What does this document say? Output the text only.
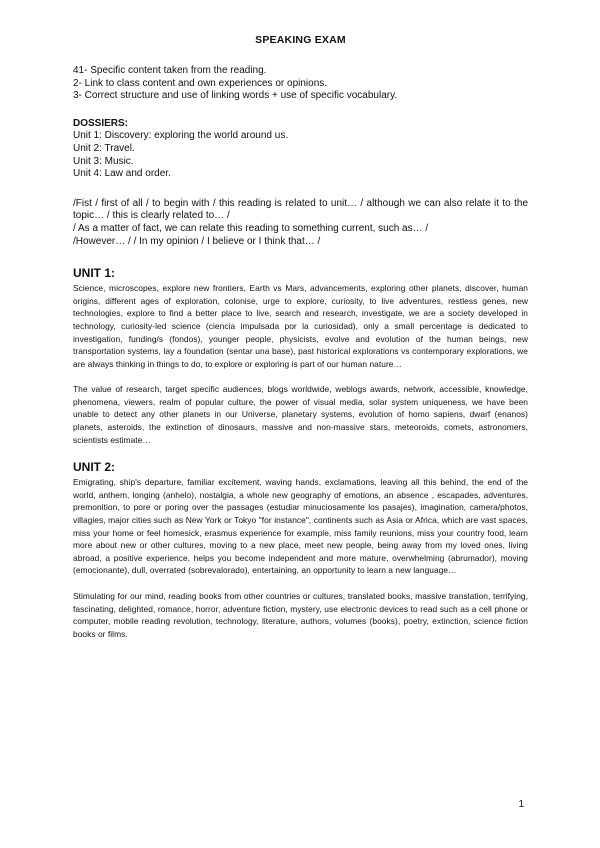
SPEAKING EXAM
41- Specific content taken from the reading.
2- Link to class content and own experiences or opinions.
3- Correct structure and use of linking words + use of specific vocabulary.
DOSSIERS:
Unit 1: Discovery: exploring the world around us.
Unit 2: Travel.
Unit 3: Music.
Unit 4: Law and order.

/Fist / first of all / to begin with / this reading is related to unit… / although we can also relate it to the topic… / this is clearly related to… /

/ As a matter of fact, we can relate this reading to something current, such as… /

/However… / / In my opinion / I believe or I think that… /

UNIT 1:

Science, microscopes, explore new frontiers, Earth vs Mars, advancements, exploring other planets, discover, human origins, different ages of exploration, colonise, urge to explore, curiosity, to live adventures, restless genes, new technologies, explore to find a better place to live, search and research, investigate, we are a society developed in technology, curiosity-led science (ciencia impulsada por la curiosidad), only a small percentage is dedicated to investigation, funding/s (fondos), younger people, physicists, evolve and evolution of the human beings, new transportation systems, lay a foundation (sentar una base), past historical explorations vs contemporary explorations, we are always thinking in things to do, to explore or exploring is part of our human nature…

The value of research, target specific audiences, blogs worldwide, weblogs awards, network, accessible, knowledge, phenomena, viewers, realm of popular culture, the power of visual media, solar system uniqueness, we have been unable to detect any other planets in our Universe, planetary systems, evolution of homo sapiens, dwarf (enanos) planets, asteroids, the extinction of dinosaurs, massive and non-massive stars, meteoroids, comets, astronomers, scientists estimate…

UNIT 2:

Emigrating, ship's departure, familiar excitement, waving hands, exclamations, leaving all this behind, the end of the world, anthem, longing (anhelo), nostalgia, a whole new geography of emotions, an absence , escapades, adventures, premonition, to pore or poring over the passages (estudiar minuciosamente los pasajes), imagination, camera/photos, villagies, major cities such as New York or Tokyo "for instance", continents such as Asia or Africa, which are vast spaces, miss your home or feel homesick, erasmus experience for example, miss family reunions, miss your country food, learn more about new or other cultures, moving to a new place, meet new people, being away from my loved ones, living abroad, a positive experience, helps you become independent and more mature, overwhelming (abrumador), moving (emocionante), dull, overrated (sobrevalorado), entertaining, an opportunity to learn a new language…

Stimulating for our mind, reading books from other countries or cultures, translated books, massive translation, terrifying, fascinating, delighted, romance, horror, adventure fiction, mystery, use electronic devices to read such as a cell phone or computer, mobile reading revolution, technology, literature, authors, volumes (books), poetry, extinction, science fiction books or films.

1
